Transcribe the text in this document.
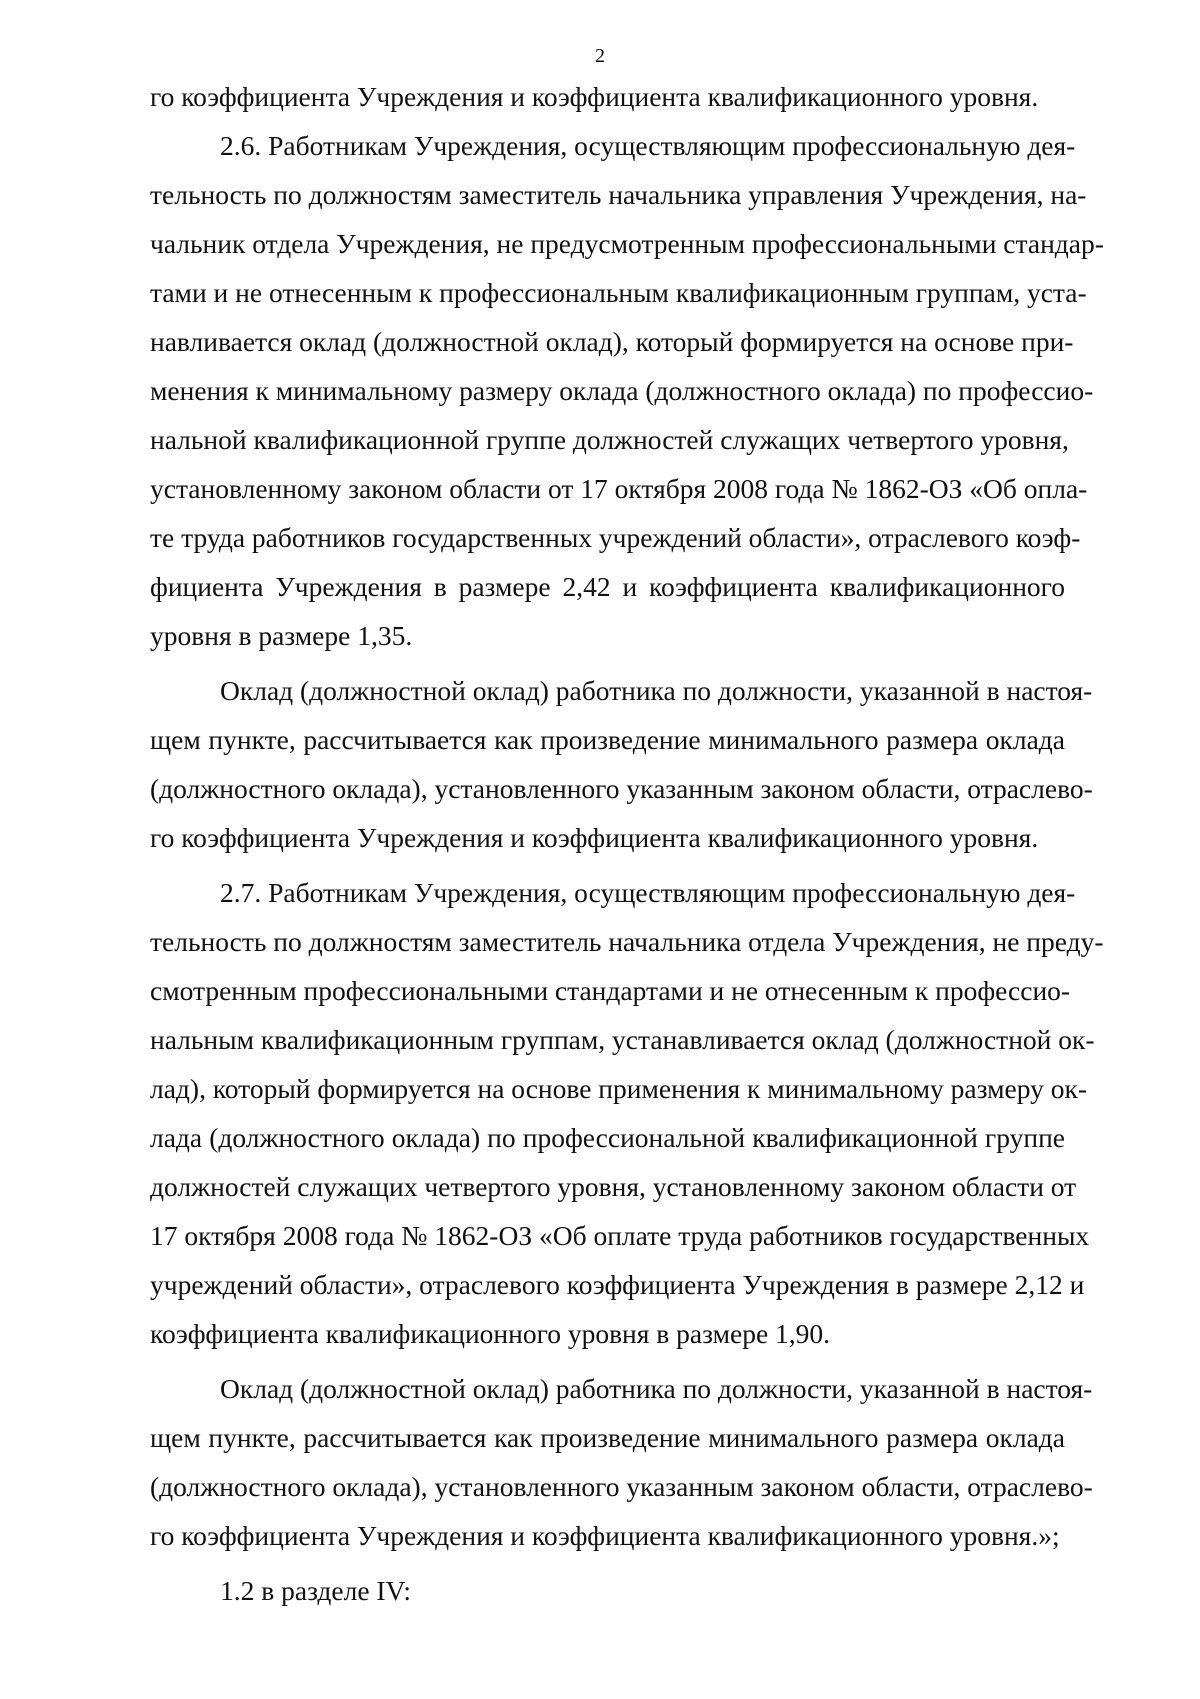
2
го коэффициента Учреждения и коэффициента квалификационного уровня.
2.6. Работникам Учреждения, осуществляющим профессиональную дея-
тельность по должностям заместитель начальника управления Учреждения, на-
чальник отдела Учреждения, не предусмотренным профессиональными стандар-
тами и не отнесенным к профессиональным квалификационным группам, уста-
навливается оклад (должностной оклад), который формируется на основе при-
менения к минимальному размеру оклада (должностного оклада) по профессио-
нальной квалификационной группе должностей служащих четвертого уровня,
установленному законом области от 17 октября 2008 года № 1862-ОЗ «Об опла-
те труда работников государственных учреждений области», отраслевого коэф-
фициента Учреждения в размере 2,42 и коэффициента квалификационного
уровня в размере 1,35.
Оклад (должностной оклад) работника по должности, указанной в настоя-
щем пункте, рассчитывается как произведение минимального размера оклада
(должностного оклада), установленного указанным законом области, отраслево-
го коэффициента Учреждения и коэффициента квалификационного уровня.
2.7. Работникам Учреждения, осуществляющим профессиональную дея-
тельность по должностям заместитель начальника отдела Учреждения, не преду-
смотренным профессиональными стандартами и не отнесенным к профессио-
нальным квалификационным группам, устанавливается оклад (должностной ок-
лад), который формируется на основе применения к минимальному размеру ок-
лада (должностного оклада) по профессиональной квалификационной группе
должностей служащих четвертого уровня, установленному законом области от
17 октября 2008 года № 1862-ОЗ «Об оплате труда работников государственных
учреждений области», отраслевого коэффициента Учреждения в размере 2,12 и
коэффициента квалификационного уровня в размере 1,90.
Оклад (должностной оклад) работника по должности, указанной в настоя-
щем пункте, рассчитывается как произведение минимального размера оклада
(должностного оклада), установленного указанным законом области, отраслево-
го коэффициента Учреждения и коэффициента квалификационного уровня.»;
1.2 в разделе IV:
